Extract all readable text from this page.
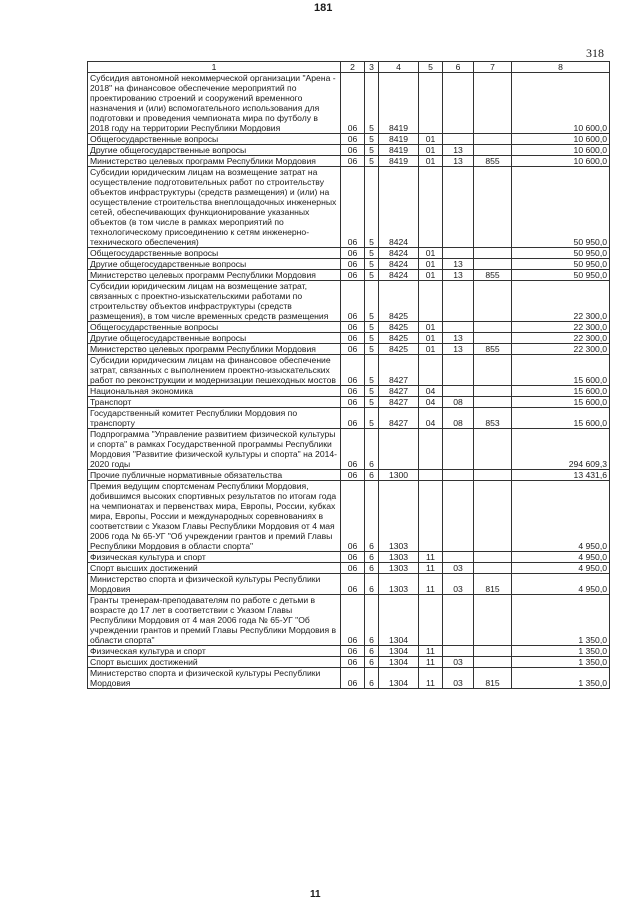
181
318
1	2	3	4	5	6	7	8
Субсидия автономной некоммерческой организации "Арена - 2018" на финансовое обеспечение мероприятий по проектированию строений и сооружений временного назначения и (или) вспомогательного использования для подготовки и проведения чемпионата мира по футболу в 2018 году на территории Республики Мордовия	06	5	8419				10 600,0
Общегосударственные вопросы	06	5	8419	01			10 600,0
Другие общегосударственные вопросы	06	5	8419	01	13		10 600,0
Министерство целевых программ Республики Мордовия	06	5	8419	01	13	855	10 600,0
Субсидии юридическим лицам на возмещение затрат на осуществление подготовительных работ по строительству объектов инфраструктуры (средств размещения) и (или) на осуществление строительства внеплощадочных инженерных сетей, обеспечивающих функционирование указанных объектов (в том числе в рамках мероприятий по технологическому присоединению к сетям инженерно-технического обеспечения)	06	5	8424				50 950,0
Общегосударственные вопросы	06	5	8424	01			50 950,0
Другие общегосударственные вопросы	06	5	8424	01	13		50 950,0
Министерство целевых программ Республики Мордовия	06	5	8424	01	13	855	50 950,0
Субсидии юридическим лицам на возмещение затрат, связанных с проектно-изыскательскими работами по строительству объектов инфраструктуры (средств размещения), в том числе временных средств размещения	06	5	8425				22 300,0
Общегосударственные вопросы	06	5	8425	01			22 300,0
Другие общегосударственные вопросы	06	5	8425	01	13		22 300,0
Министерство целевых программ Республики Мордовия	06	5	8425	01	13	855	22 300,0
Субсидии юридическим лицам на финансовое обеспечение затрат, связанных с выполнением проектно-изыскательских работ по реконструкции и модернизации пешеходных мостов	06	5	8427				15 600,0
Национальная экономика	06	5	8427	04			15 600,0
Транспорт	06	5	8427	04	08		15 600,0
Государственный комитет Республики Мордовия по транспорту	06	5	8427	04	08	853	15 600,0
Подпрограмма "Управление развитием физической культуры и спорта" в рамках Государственной программы Республики Мордовия "Развитие физической культуры и спорта" на 2014-2020 годы	06	6					294 609,3
Прочие публичные нормативные обязательства	06	6	1300				13 431,6
Премия ведущим спортсменам Республики Мордовия, добившимся высоких спортивных результатов по итогам года на чемпионатах и первенствах мира, Европы, России, кубках мира, Европы, России и международных соревнованиях в соответствии с Указом Главы Республики Мордовия от 4 мая 2006 года № 65-УГ "Об учреждении грантов и премий Главы Республики Мордовия в области спорта"	06	6	1303				4 950,0
Физическая культура и спорт	06	6	1303	11			4 950,0
Спорт высших достижений	06	6	1303	11	03		4 950,0
Министерство спорта и физической культуры Республики Мордовия	06	6	1303	11	03	815	4 950,0
Гранты тренерам-преподавателям по работе с детьми в возрасте до 17 лет в соответствии с Указом Главы Республики Мордовия от 4 мая 2006 года № 65-УГ "Об учреждении грантов и премий Главы Республики Мордовия в области спорта"	06	6	1304				1 350,0
Физическая культура и спорт	06	6	1304	11			1 350,0
Спорт высших достижений	06	6	1304	11	03		1 350,0
Министерство спорта и физической культуры Республики Мордовия	06	6	1304	11	03	815	1 350,0
11
